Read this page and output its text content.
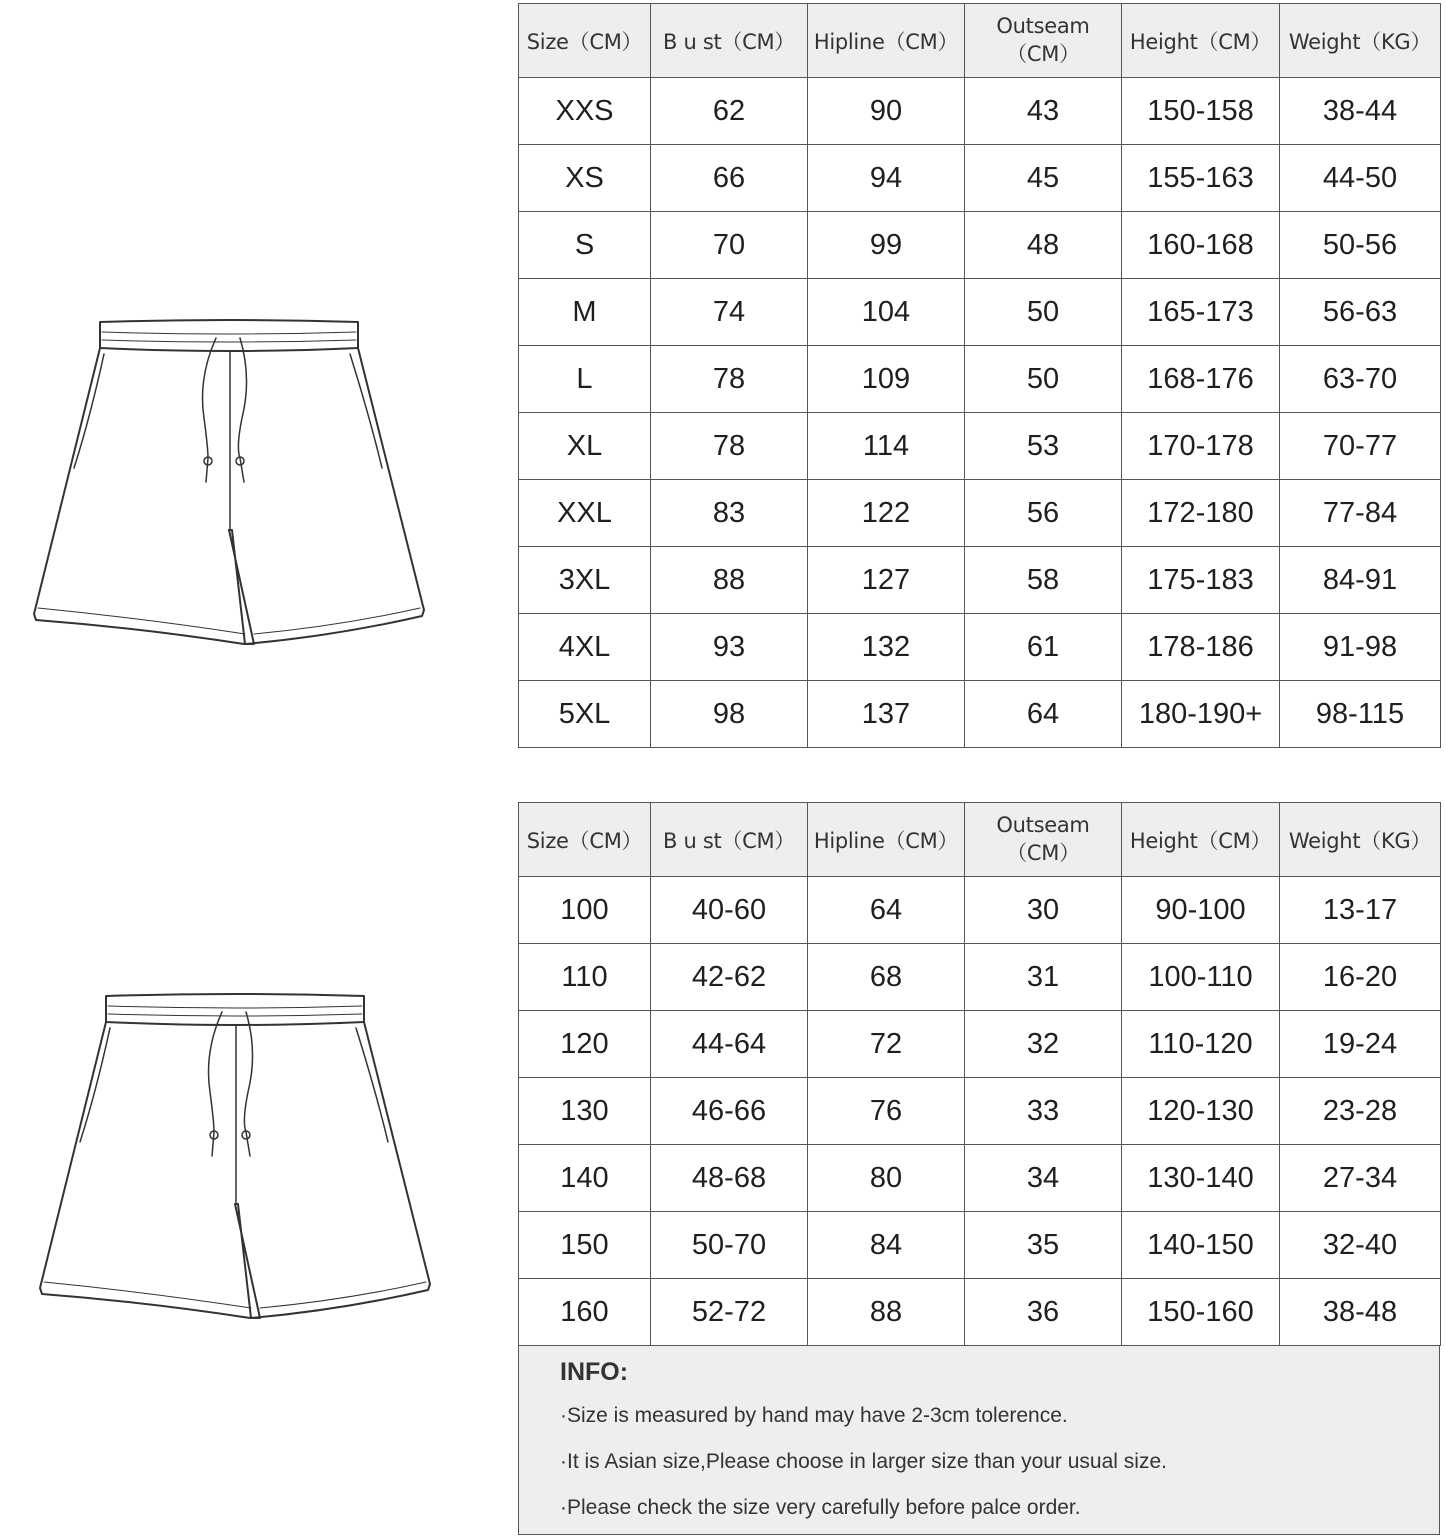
Size（CM）	B u st（CM）	Hipline（CM）	Outseam（CM）	Height（CM）	Weight（KG）
XXS	62	90	43	150-158	38-44
XS	66	94	45	155-163	44-50
S	70	99	48	160-168	50-56
M	74	104	50	165-173	56-63
L	78	109	50	168-176	63-70
XL	78	114	53	170-178	70-77
XXL	83	122	56	172-180	77-84
3XL	88	127	58	175-183	84-91
4XL	93	132	61	178-186	91-98
5XL	98	137	64	180-190+	98-115
Size（CM）	B u st（CM）	Hipline（CM）	Outseam（CM）	Height（CM）	Weight（KG）
100	40-60	64	30	90-100	13-17
110	42-62	68	31	100-110	16-20
120	44-64	72	32	110-120	19-24
130	46-66	76	33	120-130	23-28
140	48-68	80	34	130-140	27-34
150	50-70	84	35	140-150	32-40
160	52-72	88	36	150-160	38-48
INFO:
·Size is measured by hand may have 2-3cm tolerence.
·It is Asian size,Please choose in larger size than your usual size.
·Please check the size very carefully before palce order.
